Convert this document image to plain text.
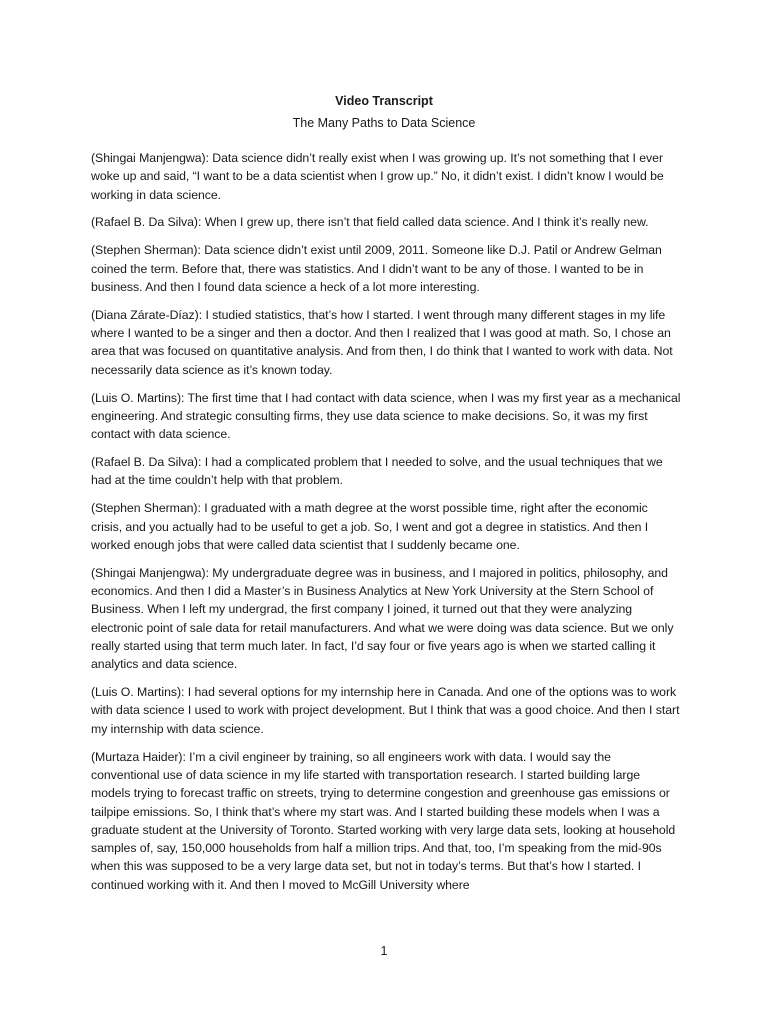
Video Transcript

The Many Paths to Data Science

(Shingai Manjengwa): Data science didn’t really exist when I was growing up. It’s not something that I ever woke up and said, “I want to be a data scientist when I grow up.” No, it didn’t exist. I didn’t know I would be working in data science.

(Rafael B. Da Silva): When I grew up, there isn’t that field called data science. And I think it’s really new.

(Stephen Sherman): Data science didn’t exist until 2009, 2011. Someone like D.J. Patil or Andrew Gelman coined the term. Before that, there was statistics. And I didn’t want to be any of those. I wanted to be in business. And then I found data science a heck of a lot more interesting.

(Diana Zárate-Díaz): I studied statistics, that’s how I started. I went through many different stages in my life where I wanted to be a singer and then a doctor. And then I realized that I was good at math. So, I chose an area that was focused on quantitative analysis. And from then, I do think that I wanted to work with data. Not necessarily data science as it’s known today.

(Luis O. Martins): The first time that I had contact with data science, when I was my first year as a mechanical engineering. And strategic consulting firms, they use data science to make decisions. So, it was my first contact with data science.

(Rafael B. Da Silva): I had a complicated problem that I needed to solve, and the usual techniques that we had at the time couldn’t help with that problem.

(Stephen Sherman): I graduated with a math degree at the worst possible time, right after the economic crisis, and you actually had to be useful to get a job. So, I went and got a degree in statistics. And then I worked enough jobs that were called data scientist that I suddenly became one.

(Shingai Manjengwa): My undergraduate degree was in business, and I majored in politics, philosophy, and economics. And then I did a Master’s in Business Analytics at New York University at the Stern School of Business. When I left my undergrad, the first company I joined, it turned out that they were analyzing electronic point of sale data for retail manufacturers. And what we were doing was data science. But we only really started using that term much later. In fact, I’d say four or five years ago is when we started calling it analytics and data science.

(Luis O. Martins): I had several options for my internship here in Canada. And one of the options was to work with data science I used to work with project development. But I think that was a good choice. And then I start my internship with data science.

(Murtaza Haider): I’m a civil engineer by training, so all engineers work with data. I would say the conventional use of data science in my life started with transportation research. I started building large models trying to forecast traffic on streets, trying to determine congestion and greenhouse gas emissions or tailpipe emissions. So, I think that’s where my start was. And I started building these models when I was a graduate student at the University of Toronto. Started working with very large data sets, looking at household samples of, say, 150,000 households from half a million trips. And that, too, I’m speaking from the mid-90s when this was supposed to be a very large data set, but not in today’s terms. But that’s how I started. I continued working with it. And then I moved to McGill University where

1
